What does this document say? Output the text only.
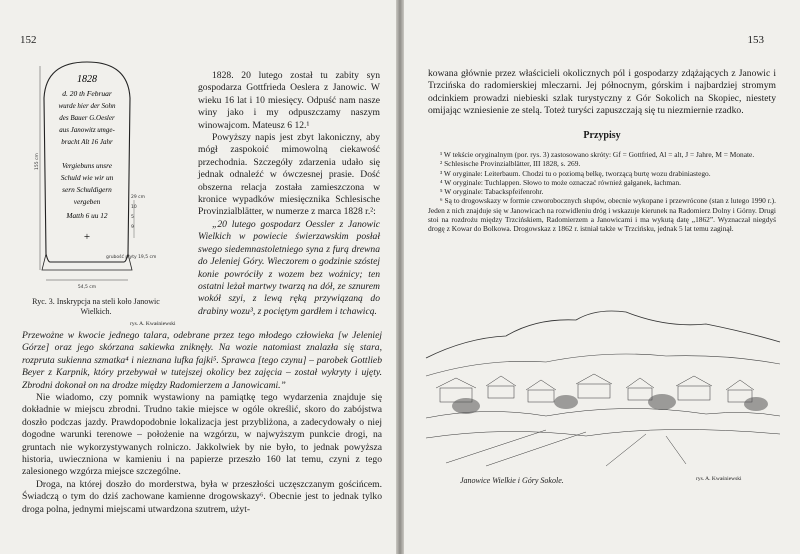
152
1828
d. 20 th Februar
wurde hier der Sohn
des Bauer G.Oesler
aus Janowitz umge-
bracht Alt 16 Jahr
Vergiebuns unsre
Schuld wie wir un
sern Schuldigern
vergeben
Matth 6 uu 12
+
155 cm
29 cm
10
5
9
grubość płyty 19,5 cm
54,5 cm
Ryc. 3. Inskrypcja na steli koło Janowic Wielkich.
rys. A. Kwaśniewski

1828. 20 lutego został tu zabity syn gospodarza Gottfrieda Oeslera z Janowic. W wieku 16 lat i 10 miesięcy. Odpuść nam nasze winy jako i my odpuszczamy naszym winowajcom. Mateusz 6 12.¹

Powyższy napis jest zbyt lakoniczny, aby mógł zaspokoić mimowolną ciekawość przechodnia. Szczegóły zdarzenia udało się jednak odnaleźć w ówczesnej prasie. Dość obszerna relacja została zamieszczona w kronice wypadków miesięcznika Schlesische Provinzialblätter, w numerze z marca 1828 r.²:

„20 lutego gospodarz Oessler z Janowic Wielkich w powiecie świerzawskim posłał swego siedemnastoletniego syna z furą drewna do Jeleniej Góry. Wieczorem o godzinie szóstej konie powróciły z wozem bez woźnicy; ten ostatni leżał martwy twarzą na dół, ze sznurem wokół szyi, z lewą ręką przywiązaną do drabiny wozu³, z pociętym gardłem i tchawicą.

Przewożne w kwocie jednego talara, odebrane przez tego młodego człowieka [w Jeleniej Górze] oraz jego skórzana sakiewka zniknęły. Na wozie natomiast znalazła się stara, rozpruta sukienna szmatka⁴ i nieznana lufka fajki⁵. Sprawca [tego czynu] – parobek Gottlieb Beyer z Karpnik, który przebywał w tutejszej okolicy bez zajęcia – został wykryty i ujęty. Zbrodni dokonał on na drodze między Radomierzem a Janowicami.”

Nie wiadomo, czy pomnik wystawiony na pamiątkę tego wydarzenia znajduje się dokładnie w miejscu zbrodni. Trudno takie miejsce w ogóle określić, skoro do zabójstwa doszło podczas jazdy. Prawdopodobnie lokalizacja jest przybliżona, a zadecydowały o niej dogodne warunki terenowe – położenie na wzgórzu, w najwyższym punkcie drogi, na gruntach nie wykorzystywanych rolniczo. Jakkolwiek by nie było, to jednak powyższa historia, uwieczniona w kamieniu i na papierze przeszło 160 lat temu, czyni z tego zalesionego wzgórza miejsce szczególne.

Droga, na której doszło do morderstwa, była w przeszłości uczęszczanym gościńcem. Świadczą o tym do dziś zachowane kamienne drogowskazy⁶. Obecnie jest to jednak tylko droga polna, jednymi miejscami utwardzona szutrem, użyt-

153
kowana głównie przez właścicieli okolicznych pól i gospodarzy zdążających z Janowic i Trzcińska do radomierskiej mleczarni. Jej północnym, górskim i najbardziej stromym odcinkiem prowadzi niebieski szlak turystyczny z Gór Sokolich na Skopiec, niestety omijając wzniesienie ze stelą. Toteż turyści zapuszczają się tu niezmiernie rzadko.
Przypisy

¹ W tekście oryginalnym (por. rys. 3) zastosowano skróty: Gf = Gottfried, Al = alt, J = Jahre, M = Monate.

² Schlesische Provinzialblätter, III 1828, s. 269.

³ W oryginale: Leiterbaum. Chodzi tu o poziomą belkę, tworzącą burtę wozu drabiniastego.

⁴ W oryginale: Tuchlappen. Słowo to może oznaczać również gałganek, łachman.

⁵ W oryginale: Tabackspfeifenrohr.

⁶ Są to drogowskazy w formie czworobocznych słupów, obecnie wykopane i przewrócone (stan z lutego 1990 r.). Jeden z nich znajduje się w Janowicach na rozwidleniu dróg i wskazuje kierunek na Radomierz Dolny i Górny. Drugi stoi na rozdrożu między Trzcińskiem, Radomierzem a Janowicami i ma wykutą datę „1862”. Wyznaczał niegdyś drogę z Kowar do Bolkowa. Drogowskaz z 1862 r. istniał także w Trzcińsku, jednak 5 lat temu zaginął.

Janowice Wielkie i Góry Sokole.	rys. A. Kwaśniewski
